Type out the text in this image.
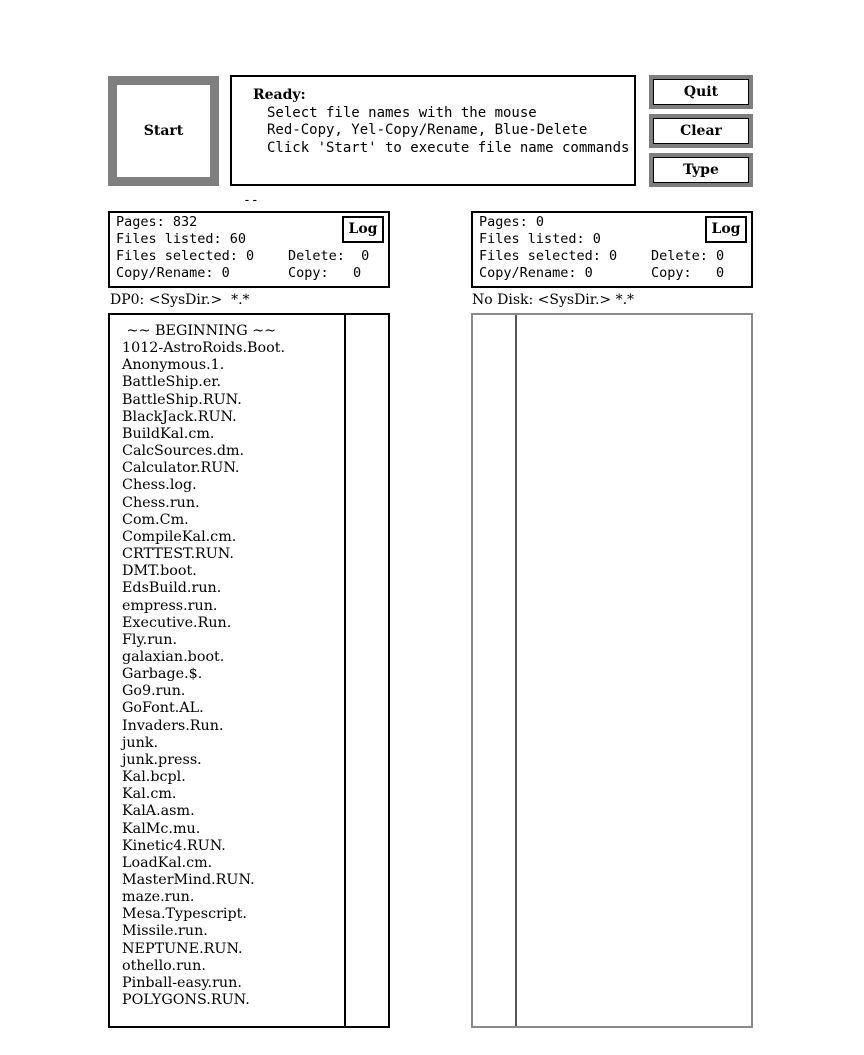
Start
Ready:
Select file names with the mouse
Red-Copy, Yel-Copy/Rename, Blue-Delete
Click 'Start' to execute file name commands
Quit
Clear
Type
--
Pages: 832
Files listed: 60
Files selected: 0	Delete:  0
Copy/Rename: 0	Copy:   0
Log	Pages: 0
Files listed: 0
Files selected: 0	Delete: 0
Copy/Rename: 0	Copy:   0
Log
DP0: <SysDir.>  *.*	No Disk: <SysDir.> *.*
~~ BEGINNING ~~
1012-AstroRoids.Boot.
Anonymous.1.
BattleShip.er.
BattleShip.RUN.
BlackJack.RUN.
BuildKal.cm.
CalcSources.dm.
Calculator.RUN.
Chess.log.
Chess.run.
Com.Cm.
CompileKal.cm.
CRTTEST.RUN.
DMT.boot.
EdsBuild.run.
empress.run.
Executive.Run.
Fly.run.
galaxian.boot.
Garbage.$.
Go9.run.
GoFont.AL.
Invaders.Run.
junk.
junk.press.
Kal.bcpl.
Kal.cm.
KalA.asm.
KalMc.mu.
Kinetic4.RUN.
LoadKal.cm.
MasterMind.RUN.
maze.run.
Mesa.Typescript.
Missile.run.
NEPTUNE.RUN.
othello.run.
Pinball-easy.run.
POLYGONS.RUN.
